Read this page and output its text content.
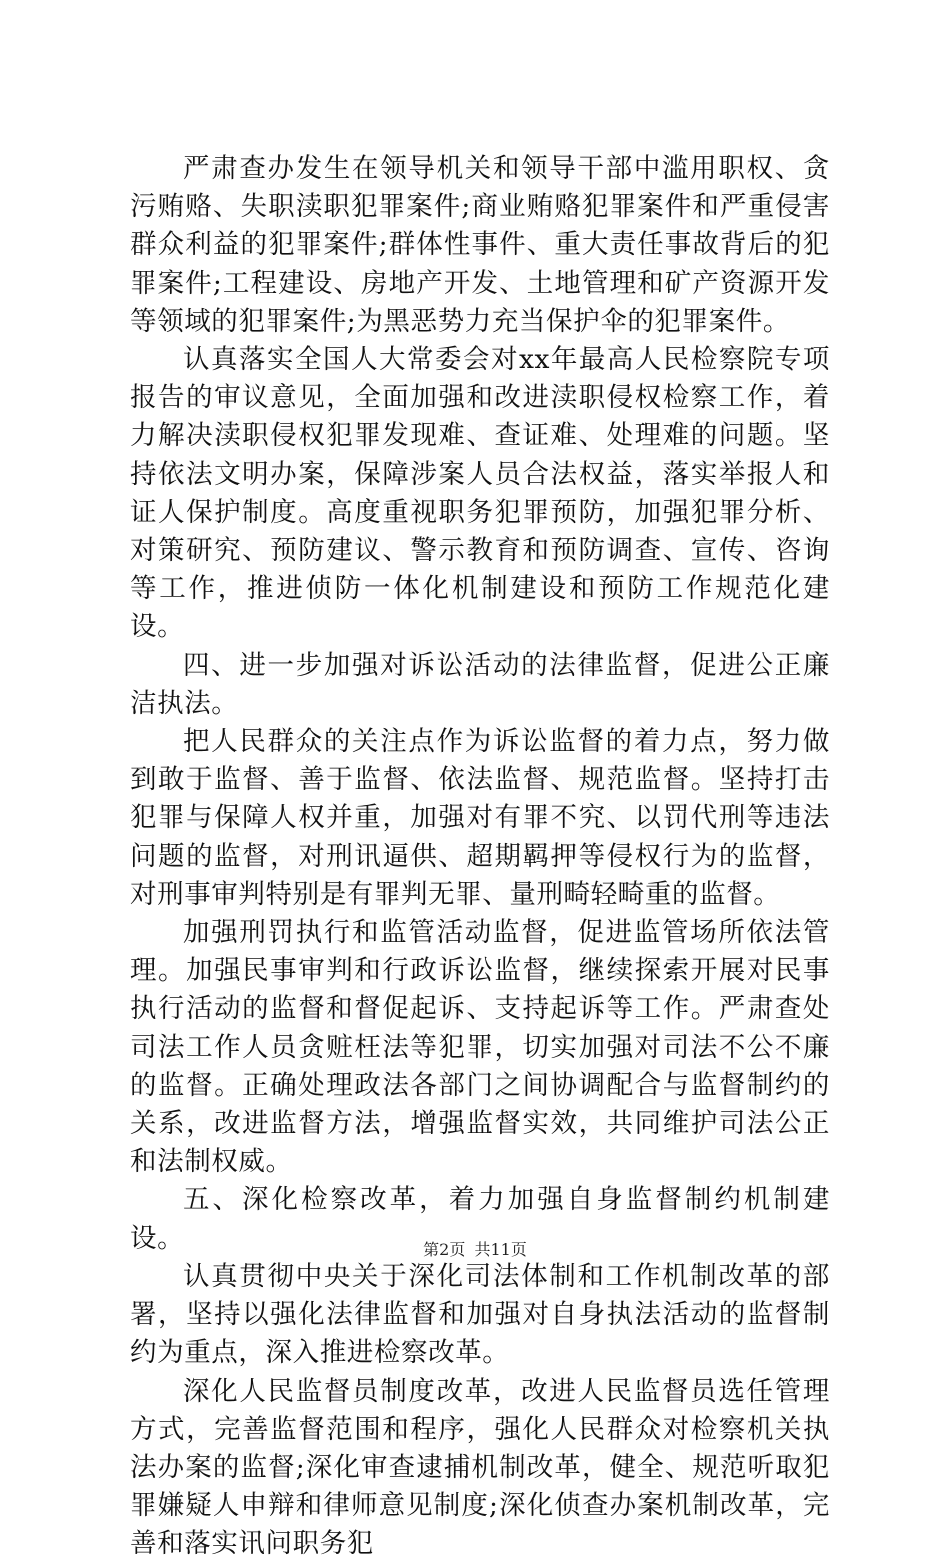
严肃查办发生在领导机关和领导干部中滥用职权、贪污贿赂、失职渎职犯罪案件;商业贿赂犯罪案件和严重侵害群众利益的犯罪案件;群体性事件、重大责任事故背后的犯罪案件;工程建设、房地产开发、土地管理和矿产资源开发等领域的犯罪案件;为黑恶势力充当保护伞的犯罪案件。

认真落实全国人大常委会对xx年最高人民检察院专项报告的审议意见，全面加强和改进渎职侵权检察工作，着力解决渎职侵权犯罪发现难、查证难、处理难的问题。坚持依法文明办案，保障涉案人员合法权益，落实举报人和证人保护制度。高度重视职务犯罪预防，加强犯罪分析、对策研究、预防建议、警示教育和预防调查、宣传、咨询等工作，推进侦防一体化机制建设和预防工作规范化建设。

四、进一步加强对诉讼活动的法律监督，促进公正廉洁执法。

把人民群众的关注点作为诉讼监督的着力点，努力做到敢于监督、善于监督、依法监督、规范监督。坚持打击犯罪与保障人权并重，加强对有罪不究、以罚代刑等违法问题的监督，对刑讯逼供、超期羁押等侵权行为的监督，对刑事审判特别是有罪判无罪、量刑畸轻畸重的监督。

加强刑罚执行和监管活动监督，促进监管场所依法管理。加强民事审判和行政诉讼监督，继续探索开展对民事执行活动的监督和督促起诉、支持起诉等工作。严肃查处司法工作人员贪赃枉法等犯罪，切实加强对司法不公不廉的监督。正确处理政法各部门之间协调配合与监督制约的关系，改进监督方法，增强监督实效，共同维护司法公正和法制权威。

五、深化检察改革，着力加强自身监督制约机制建设。

认真贯彻中央关于深化司法体制和工作机制改革的部署，坚持以强化法律监督和加强对自身执法活动的监督制约为重点，深入推进检察改革。

深化人民监督员制度改革，改进人民监督员选任管理方式，完善监督范围和程序，强化人民群众对检察机关执法办案的监督;深化审查逮捕机制改革，健全、规范听取犯罪嫌疑人申辩和律师意见制度;深化侦查办案机制改革，完善和落实讯问职务犯

第2页 共11页
